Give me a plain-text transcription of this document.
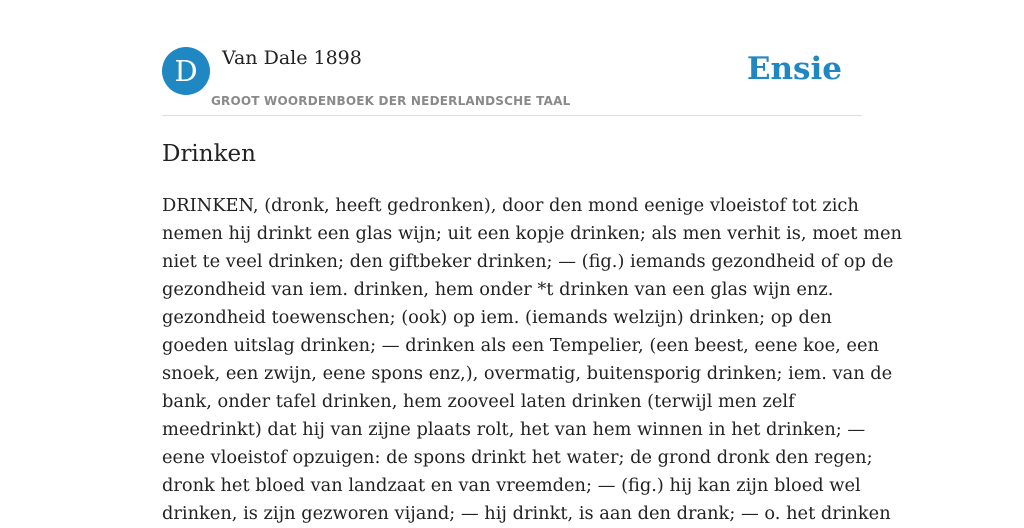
D	Van Dale 1898
GROOT WOORDENBOEK DER NEDERLANDSCHE TAAL
Ensie
Drinken
DRINKEN, (dronk, heeft gedronken), door den mond eenige vloeistof tot zich
nemen hij drinkt een glas wijn; uit een kopje drinken; als men verhit is, moet men
niet te veel drinken; den giftbeker drinken; — (fig.) iemands gezondheid of op de
gezondheid van iem. drinken, hem onder *t drinken van een glas wijn enz.
gezondheid toewenschen; (ook) op iem. (iemands welzijn) drinken; op den
goeden uitslag drinken; — drinken als een Tempelier, (een beest, eene koe, een
snoek, een zwijn, eene spons enz,), overmatig, buitensporig drinken; iem. van de
bank, onder tafel drinken, hem zooveel laten drinken (terwijl men zelf
meedrinkt) dat hij van zijne plaats rolt, het van hem winnen in het drinken; —
eene vloeistof opzuigen: de spons drinkt het water; de grond dronk den regen;
dronk het bloed van landzaat en van vreemden; — (fig.) hij kan zijn bloed wel
drinken, is zijn gezworen vijand; — hij drinkt, is aan den drank; — o. het drinken
